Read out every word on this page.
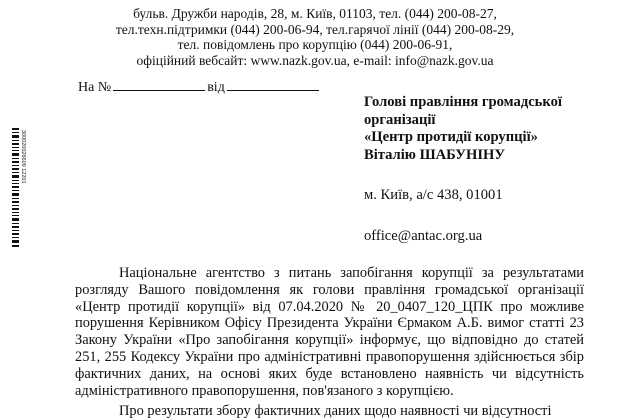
бульв. Дружби народів, 28, м. Київ, 01103, тел. (044) 200-08-27,
тел.техн.підтримки (044) 200-06-94, тел.гарячої лінії (044) 200-08-29,
тел. повідомлень про корупцію (044) 200-06-91,
офіційний вебсайт: www.nazk.gov.ua, e-mail: info@nazk.gov.ua
На №	від
Голові правління громадської
організації
«Центр протидії корупції»
Віталію ШАБУНІНУ
м. Київ, а/с 438, 01001
office@antac.org.ua
300020026609 12201

Національне агентство з питань запобігання корупції за результатами розгляду Вашого повідомлення як голови правління громадської організації «Центр протидії корупції» від 07.04.2020 № 20_0407_120_ЦПК про можливе порушення Керівником Офісу Президента України Єрмаком А.Б. вимог статті 23 Закону України «Про запобігання корупції» інформує, що відповідно до статей 251, 255 Кодексу України про адміністративні правопорушення здійснюється збір фактичних даних, на основі яких буде встановлено наявність чи відсутність адміністративного правопорушення, пов'язаного з корупцією.

Про результати збору фактичних даних щодо наявності чи відсутності
